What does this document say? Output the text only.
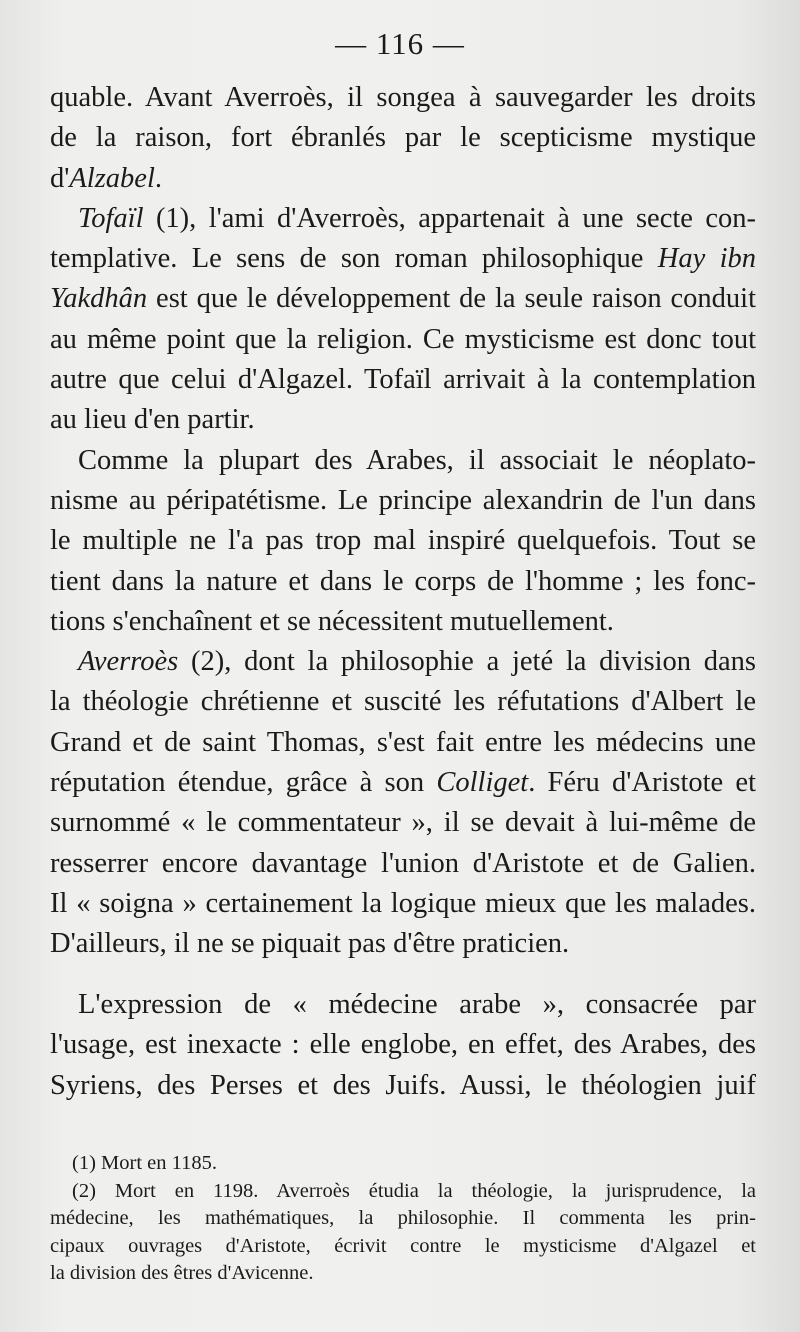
— 116 —
quable. Avant Averroès, il songea à sauvegarder les droits
de la raison, fort ébranlés par le scepticisme mystique
d'Alzabel.
Tofaïl (1), l'ami d'Averroès, appartenait à une secte con-
templative. Le sens de son roman philosophique Hay ibn
Yakdhân est que le développement de la seule raison conduit
au même point que la religion. Ce mysticisme est donc tout
autre que celui d'Algazel. Tofaïl arrivait à la contemplation
au lieu d'en partir.
Comme la plupart des Arabes, il associait le néoplato-
nisme au péripatétisme. Le principe alexandrin de l'un dans
le multiple ne l'a pas trop mal inspiré quelquefois. Tout se
tient dans la nature et dans le corps de l'homme ; les fonc-
tions s'enchaînent et se nécessitent mutuellement.
Averroès (2), dont la philosophie a jeté la division dans
la théologie chrétienne et suscité les réfutations d'Albert le
Grand et de saint Thomas, s'est fait entre les médecins une
réputation étendue, grâce à son Colliget. Féru d'Aristote et
surnommé « le commentateur », il se devait à lui-même de
resserrer encore davantage l'union d'Aristote et de Galien.
Il « soigna » certainement la logique mieux que les malades.
D'ailleurs, il ne se piquait pas d'être praticien.
L'expression de « médecine arabe », consacrée par
l'usage, est inexacte : elle englobe, en effet, des Arabes, des
Syriens, des Perses et des Juifs. Aussi, le théologien juif
(1) Mort en 1185.
(2) Mort en 1198. Averroès étudia la théologie, la jurisprudence, la
médecine, les mathématiques, la philosophie. Il commenta les prin-
cipaux ouvrages d'Aristote, écrivit contre le mysticisme d'Algazel et
la division des êtres d'Avicenne.
